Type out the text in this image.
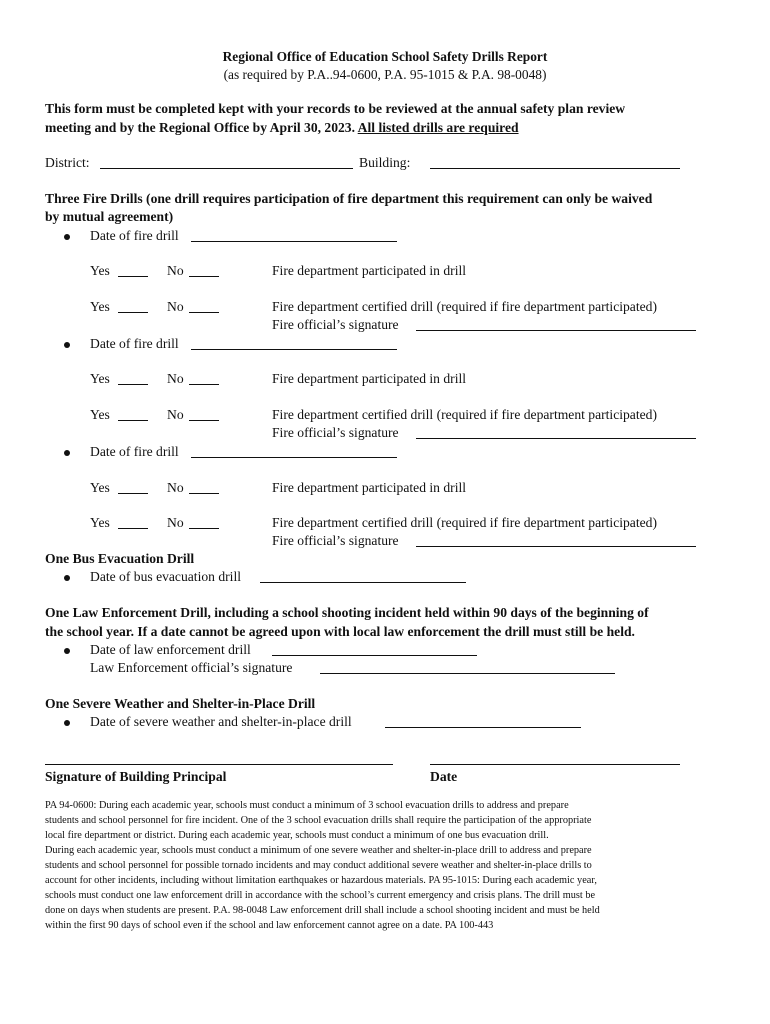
Regional Office of Education School Safety Drills Report
(as required by P.A..94-0600, P.A. 95-1015 & P.A. 98-0048)
This form must be completed kept with your records to be reviewed at the annual safety plan review
meeting and by the Regional Office by April 30, 2023. All listed drills are required
District:	Building:
Three Fire Drills (one drill requires participation of fire department this requirement can only be waived
by mutual agreement)
Date of fire drill
Yes	No	Fire department participated in drill
Yes	No	Fire department certified drill (required if fire department participated)
Fire official’s signature
Date of fire drill
Yes	No	Fire department participated in drill
Yes	No	Fire department certified drill (required if fire department participated)
Fire official’s signature
Date of fire drill
Yes	No	Fire department participated in drill
Yes	No	Fire department certified drill (required if fire department participated)
Fire official’s signature
One Bus Evacuation Drill
Date of bus evacuation drill
One Law Enforcement Drill, including a school shooting incident held within 90 days of the beginning of
the school year. If a date cannot be agreed upon with local law enforcement the drill must still be held.
Date of law enforcement drill
Law Enforcement official’s signature
One Severe Weather and Shelter-in-Place Drill
Date of severe weather and shelter-in-place drill
Signature of Building Principal	Date
PA 94-0600: During each academic year, schools must conduct a minimum of 3 school evacuation drills to address and prepare
students and school personnel for fire incident. One of the 3 school evacuation drills shall require the participation of the appropriate
local fire department or district. During each academic year, schools must conduct a minimum of one bus evacuation drill.
During each academic year, schools must conduct a minimum of one severe weather and shelter-in-place drill to address and prepare
students and school personnel for possible tornado incidents and may conduct additional severe weather and shelter-in-place drills to
account for other incidents, including without limitation earthquakes or hazardous materials. PA 95-1015: During each academic year,
schools must conduct one law enforcement drill in accordance with the school’s current emergency and crisis plans. The drill must be
done on days when students are present. P.A. 98-0048 Law enforcement drill shall include a school shooting incident and must be held
within the first 90 days of school even if the school and law enforcement cannot agree on a date. PA 100-443
